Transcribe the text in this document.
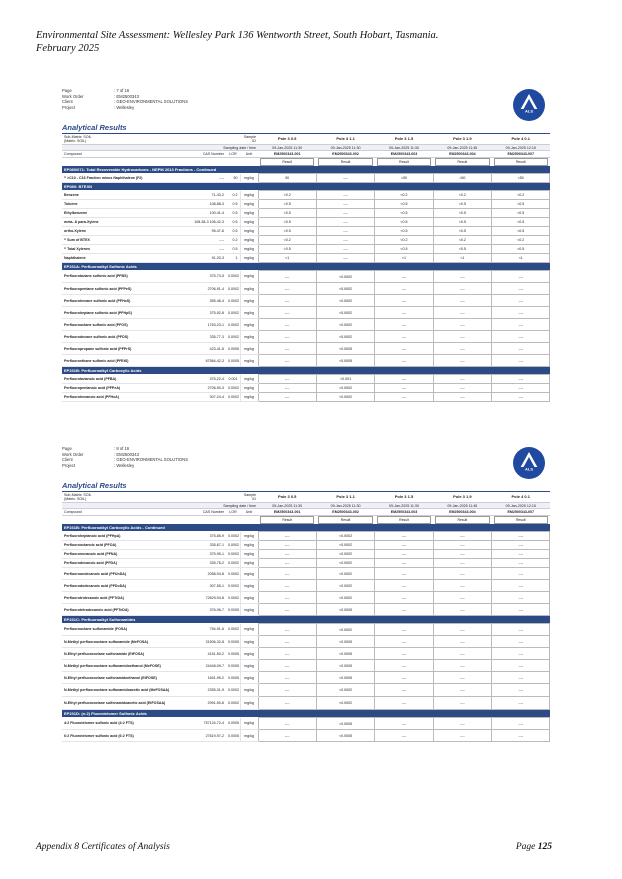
Environmental Site Assessment: Wellesley Park 136 Wentworth Street, South Hobart, Tasmania.
February 2025
Page	: 7 of 16
Work Order	: EM2500343
Client	: GEO-ENVIRONMENTAL SOLUTIONS
Project	: Wellesley
ALS
Analytical Results
Sub-Matrix: SOIL
(Matrix: SOIL)			Sample ID	Pole 3 0.5	Pole 3 1.1	Pole 3 1.5	Pole 3 1.9	Pole 4 0.1
	Sampling date / time			09-Jan-2025 11:30	09-Jan-2025 11:30	09-Jan-2025 11:30	09-Jan-2025 11:45	09-Jan-2025 12:15
Compound	CAS Number	LOR	Unit	EM2500343-001	EM2500343-002	EM2500343-003	EM2500343-004	EM2500343-007

				Result	Result	Result	Result	Result

EP080/071: Total Recoverable Hydrocarbons - NEPM 2013 Fractions - Continued								
^ >C10 - C16 Fraction minus Naphthalene (F2)	----	50	mg/kg	50	----	<50	<50	<50
EP080: BTEXN								
Benzene	71-43-2	0.2	mg/kg	<0.2	----	<0.2	<0.2	<0.2
Toluene	108-88-3	0.5	mg/kg	<0.5	----	<0.5	<0.5	<0.5
Ethylbenzene	100-41-4	0.5	mg/kg	<0.5	----	<0.5	<0.5	<0.5
meta- & para-Xylene	108-38-3 106-42-3	0.5	mg/kg	<0.5	----	<0.5	<0.5	<0.5
ortho-Xylene	95-47-6	0.5	mg/kg	<0.5	----	<0.5	<0.5	<0.5
^ Sum of BTEX	----	0.2	mg/kg	<0.2	----	<0.2	<0.2	<0.2
^ Total Xylenes	----	0.5	mg/kg	<0.5	----	<0.5	<0.5	<0.5
Naphthalene	91-20-3	1	mg/kg	<1	----	<1	<1	<1
EP231A: Perfluoroalkyl Sulfonic Acids								
Perfluorobutane sulfonic acid (PFBS)	375-73-5	0.0002	mg/kg	----	<0.0002	----	----	----
Perfluoropentane sulfonic acid (PFPeS)	2706-91-4	0.0002	mg/kg	----	<0.0002	----	----	----
Perfluorohexane sulfonic acid (PFHxS)	355-46-4	0.0002	mg/kg	----	<0.0002	----	----	----
Perfluoroheptane sulfonic acid (PFHpS)	375-92-8	0.0002	mg/kg	----	<0.0002	----	----	----
Perfluorooctane sulfonic acid (PFOS)	1763-23-1	0.0002	mg/kg	----	<0.0002	----	----	----
Perfluorodecane sulfonic acid (PFDS)	335-77-3	0.0002	mg/kg	----	<0.0002	----	----	----
Perfluoropropane sulfonic acid (PFPrS)	423-41-6	0.0005	mg/kg	----	<0.0005	----	----	----
Perfluoroethane sulfonic acid (PFEtS)	67584-42-3	0.0005	mg/kg	----	<0.0005	----	----	----
EP231B: Perfluoroalkyl Carboxylic Acids								
Perfluorobutanoic acid (PFBA)	375-22-4	0.001	mg/kg	----	<0.001	----	----	----
Perfluoropentanoic acid (PFPeA)	2706-90-3	0.0002	mg/kg	----	<0.0002	----	----	----
Perfluorohexanoic acid (PFHxA)	307-24-4	0.0002	mg/kg	----	<0.0002	----	----	----
Page	: 8 of 16
Work Order	: EM2500343
Client	: GEO-ENVIRONMENTAL SOLUTIONS
Project	: Wellesley
ALS
Analytical Results
Sub-Matrix: SOIL
(Matrix: SOIL)			Sample ID	Pole 3 0.5	Pole 3 1.1	Pole 3 1.5	Pole 3 1.9	Pole 4 0.1
	Sampling date / time			09-Jan-2025 11:30	09-Jan-2025 11:30	09-Jan-2025 11:30	09-Jan-2025 11:45	09-Jan-2025 12:15
Compound	CAS Number	LOR	Unit	EM2500343-001	EM2500343-002	EM2500343-003	EM2500343-004	EM2500343-007

				Result	Result	Result	Result	Result

EP231B: Perfluoroalkyl Carboxylic Acids - Continued								
Perfluoroheptanoic acid (PFHpA)	375-85-9	0.0002	mg/kg	----	<0.0002	----	----	----
Perfluorooctanoic acid (PFOA)	335-67-1	0.0002	mg/kg	----	<0.0002	----	----	----
Perfluorononanoic acid (PFNA)	375-95-1	0.0002	mg/kg	----	<0.0002	----	----	----
Perfluorodecanoic acid (PFDA)	335-76-2	0.0002	mg/kg	----	<0.0002	----	----	----
Perfluoroundecanoic acid (PFUnDA)	2058-94-8	0.0002	mg/kg	----	<0.0002	----	----	----
Perfluorododecanoic acid (PFDoDA)	307-55-1	0.0002	mg/kg	----	<0.0002	----	----	----
Perfluorotridecanoic acid (PFTrDA)	72629-94-8	0.0002	mg/kg	----	<0.0002	----	----	----
Perfluorotetradecanoic acid (PFTeDA)	376-06-7	0.0005	mg/kg	----	<0.0005	----	----	----
EP231C: Perfluoroalkyl Sulfonamides								
Perfluorooctane sulfonamide (FOSA)	754-91-6	0.0002	mg/kg	----	<0.0002	----	----	----
N-Methyl perfluorooctane sulfonamide (MeFOSA)	31506-32-8	0.0005	mg/kg	----	<0.0005	----	----	----
N-Ethyl perfluorooctane sulfonamide (EtFOSA)	4151-50-2	0.0005	mg/kg	----	<0.0005	----	----	----
N-Methyl perfluorooctane sulfonamidoethanol (MeFOSE)	24448-09-7	0.0005	mg/kg	----	<0.0005	----	----	----
N-Ethyl perfluorooctane sulfonamidoethanol (EtFOSE)	1691-99-2	0.0005	mg/kg	----	<0.0005	----	----	----
N-Methyl perfluorooctane sulfonamidoacetic acid (MeFOSAA)	2355-31-9	0.0002	mg/kg	----	<0.0002	----	----	----
N-Ethyl perfluorooctane sulfonamidoacetic acid (EtFOSAA)	2991-50-6	0.0002	mg/kg	----	<0.0002	----	----	----
EP231D: (n:2) Fluorotelomer Sulfonic Acids								
4:2 Fluorotelomer sulfonic acid (4:2 FTS)	757124-72-4	0.0005	mg/kg	----	<0.0005	----	----	----
6:2 Fluorotelomer sulfonic acid (6:2 FTS)	27619-97-2	0.0005	mg/kg	----	<0.0005	----	----	----
Appendix 8 Certificates of Analysis	Page 125
